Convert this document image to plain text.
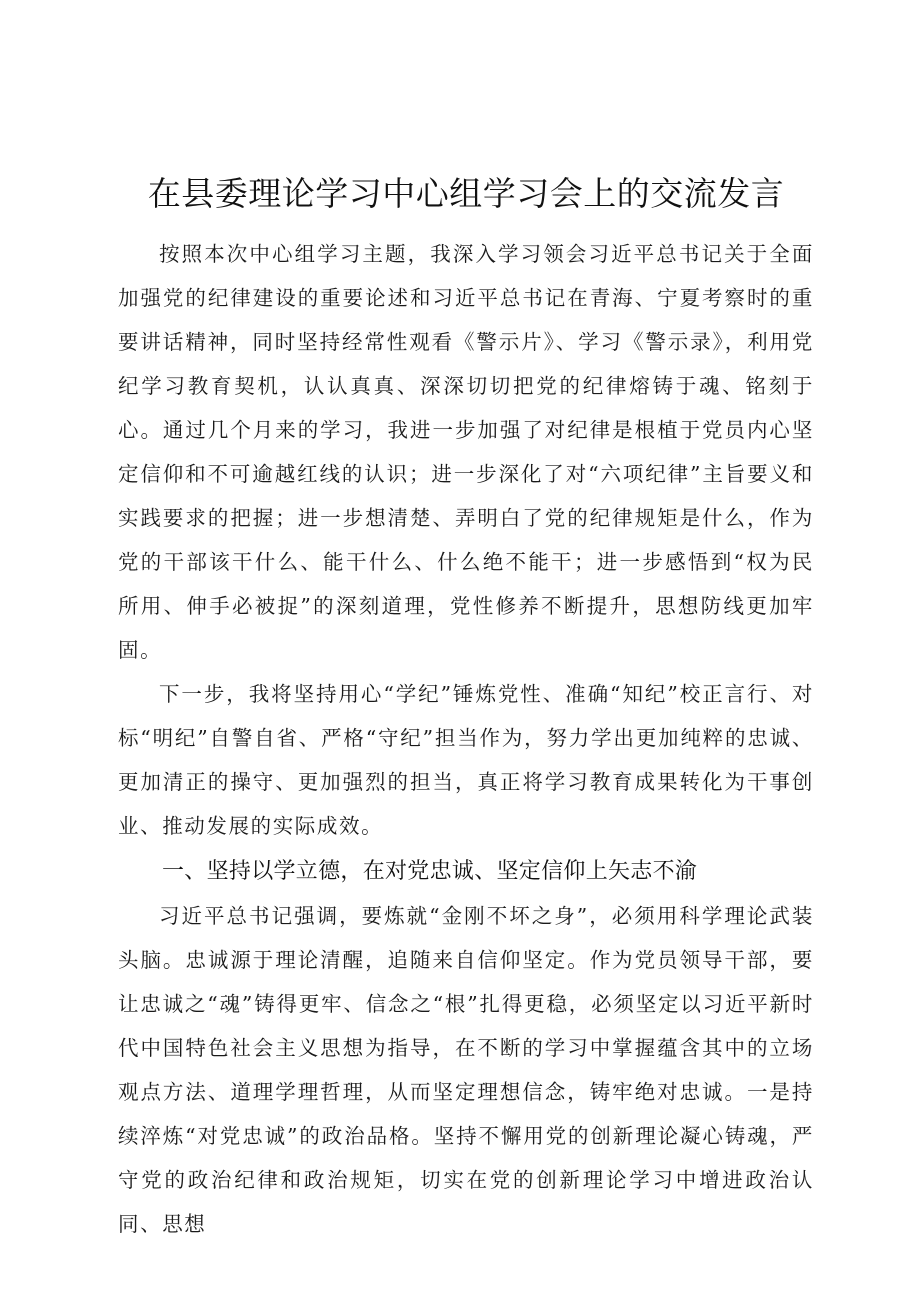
在县委理论学习中心组学习会上的交流发言

按照本次中心组学习主题，我深入学习领会习近平总书记关于全面加强党的纪律建设的重要论述和习近平总书记在青海、宁夏考察时的重要讲话精神，同时坚持经常性观看《警示片》、学习《警示录》，利用党纪学习教育契机，认认真真、深深切切把党的纪律熔铸于魂、铭刻于心。通过几个月来的学习，我进一步加强了对纪律是根植于党员内心坚定信仰和不可逾越红线的认识；进一步深化了对“六项纪律”主旨要义和实践要求的把握；进一步想清楚、弄明白了党的纪律规矩是什么，作为党的干部该干什么、能干什么、什么绝不能干；进一步感悟到“权为民所用、伸手必被捉”的深刻道理，党性修养不断提升，思想防线更加牢固。

下一步，我将坚持用心“学纪”锤炼党性、准确“知纪”校正言行、对标“明纪”自警自省、严格“守纪”担当作为，努力学出更加纯粹的忠诚、更加清正的操守、更加强烈的担当，真正将学习教育成果转化为干事创业、推动发展的实际成效。

一、坚持以学立德，在对党忠诚、坚定信仰上矢志不渝

习近平总书记强调，要炼就“金刚不坏之身”，必须用科学理论武装头脑。忠诚源于理论清醒，追随来自信仰坚定。作为党员领导干部，要让忠诚之“魂”铸得更牢、信念之“根”扎得更稳，必须坚定以习近平新时代中国特色社会主义思想为指导，在不断的学习中掌握蕴含其中的立场观点方法、道理学理哲理，从而坚定理想信念，铸牢绝对忠诚。一是持续淬炼“对党忠诚”的政治品格。坚持不懈用党的创新理论凝心铸魂，严守党的政治纪律和政治规矩，切实在党的创新理论学习中增进政治认同、思想
